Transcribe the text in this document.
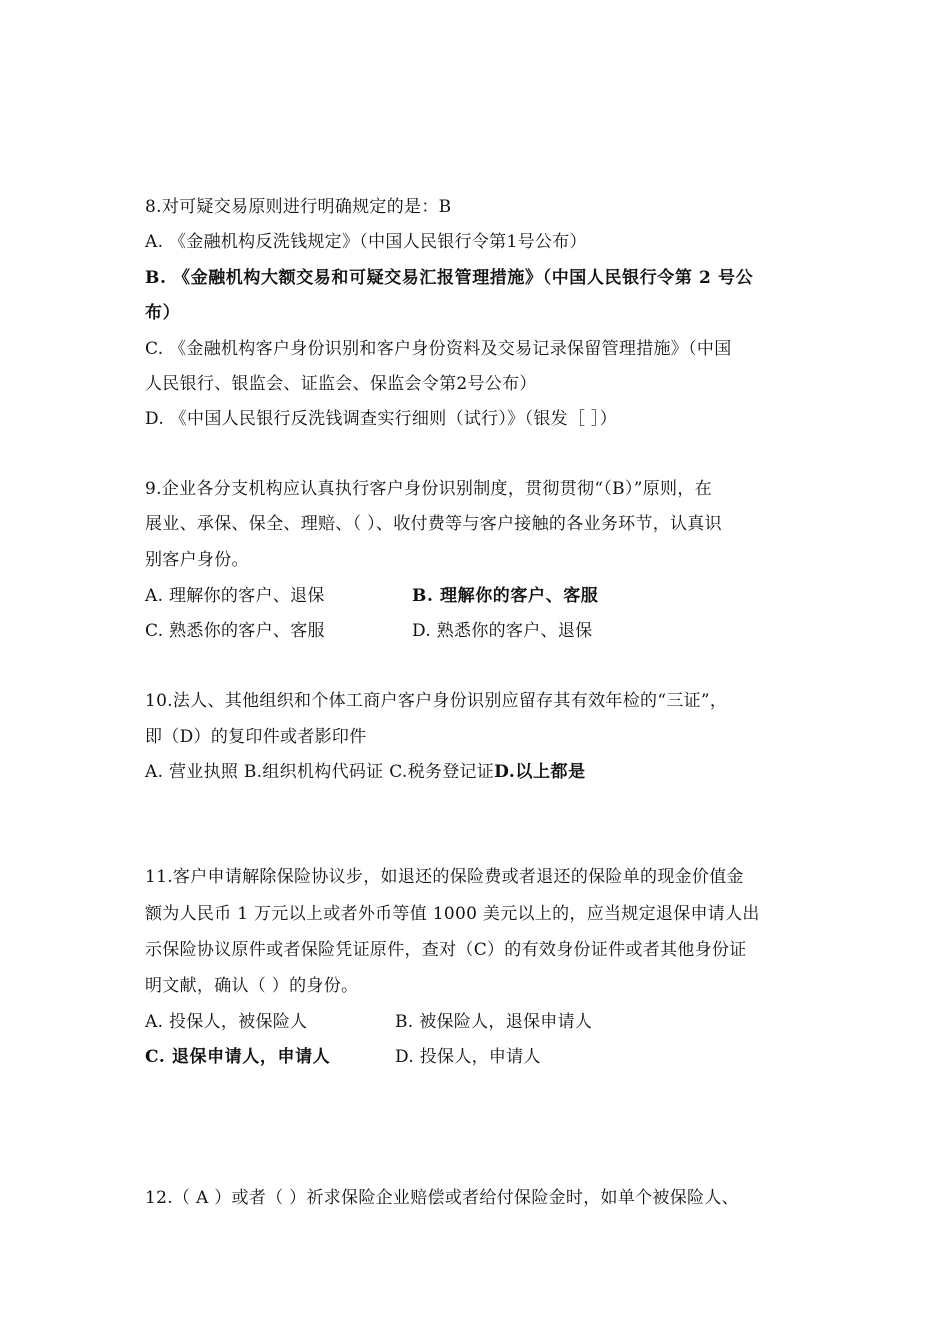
8.对可疑交易原则进行明确规定的是：B
A. 《金融机构反洗钱规定》（中国人民银行令第1号公布）
B. 《金融机构大额交易和可疑交易汇报管理措施》（中国人民银行令第 2 号公
布）
C. 《金融机构客户身份识别和客户身份资料及交易记录保留管理措施》（中国
人民银行、银监会、证监会、保监会令第2号公布）
D. 《中国人民银行反洗钱调查实行细则（试行）》（银发［ ］）
9.企业各分支机构应认真执行客户身份识别制度，贯彻贯彻“（B）”原则，在
展业、承保、保全、理赔、（ ）、收付费等与客户接触的各业务环节，认真识
别客户身份。
A. 理解你的客户、退保	B. 理解你的客户、客服
C. 熟悉你的客户、客服	D. 熟悉你的客户、退保
10.法人、其他组织和个体工商户客户身份识别应留存其有效年检的“三证”，
即（D）的复印件或者影印件
A. 营业执照 B.组织机构代码证 C.税务登记证D.以上都是
11.客户申请解除保险协议步，如退还的保险费或者退还的保险单的现金价值金
额为人民币 1 万元以上或者外币等值 1000 美元以上的，应当规定退保申请人出
示保险协议原件或者保险凭证原件，查对（C）的有效身份证件或者其他身份证
明文献，确认（ ）的身份。
A. 投保人，被保险人	B. 被保险人，退保申请人
C. 退保申请人，申请人	D. 投保人，申请人
12.（ A ）或者（ ）祈求保险企业赔偿或者给付保险金时，如单个被保险人、
